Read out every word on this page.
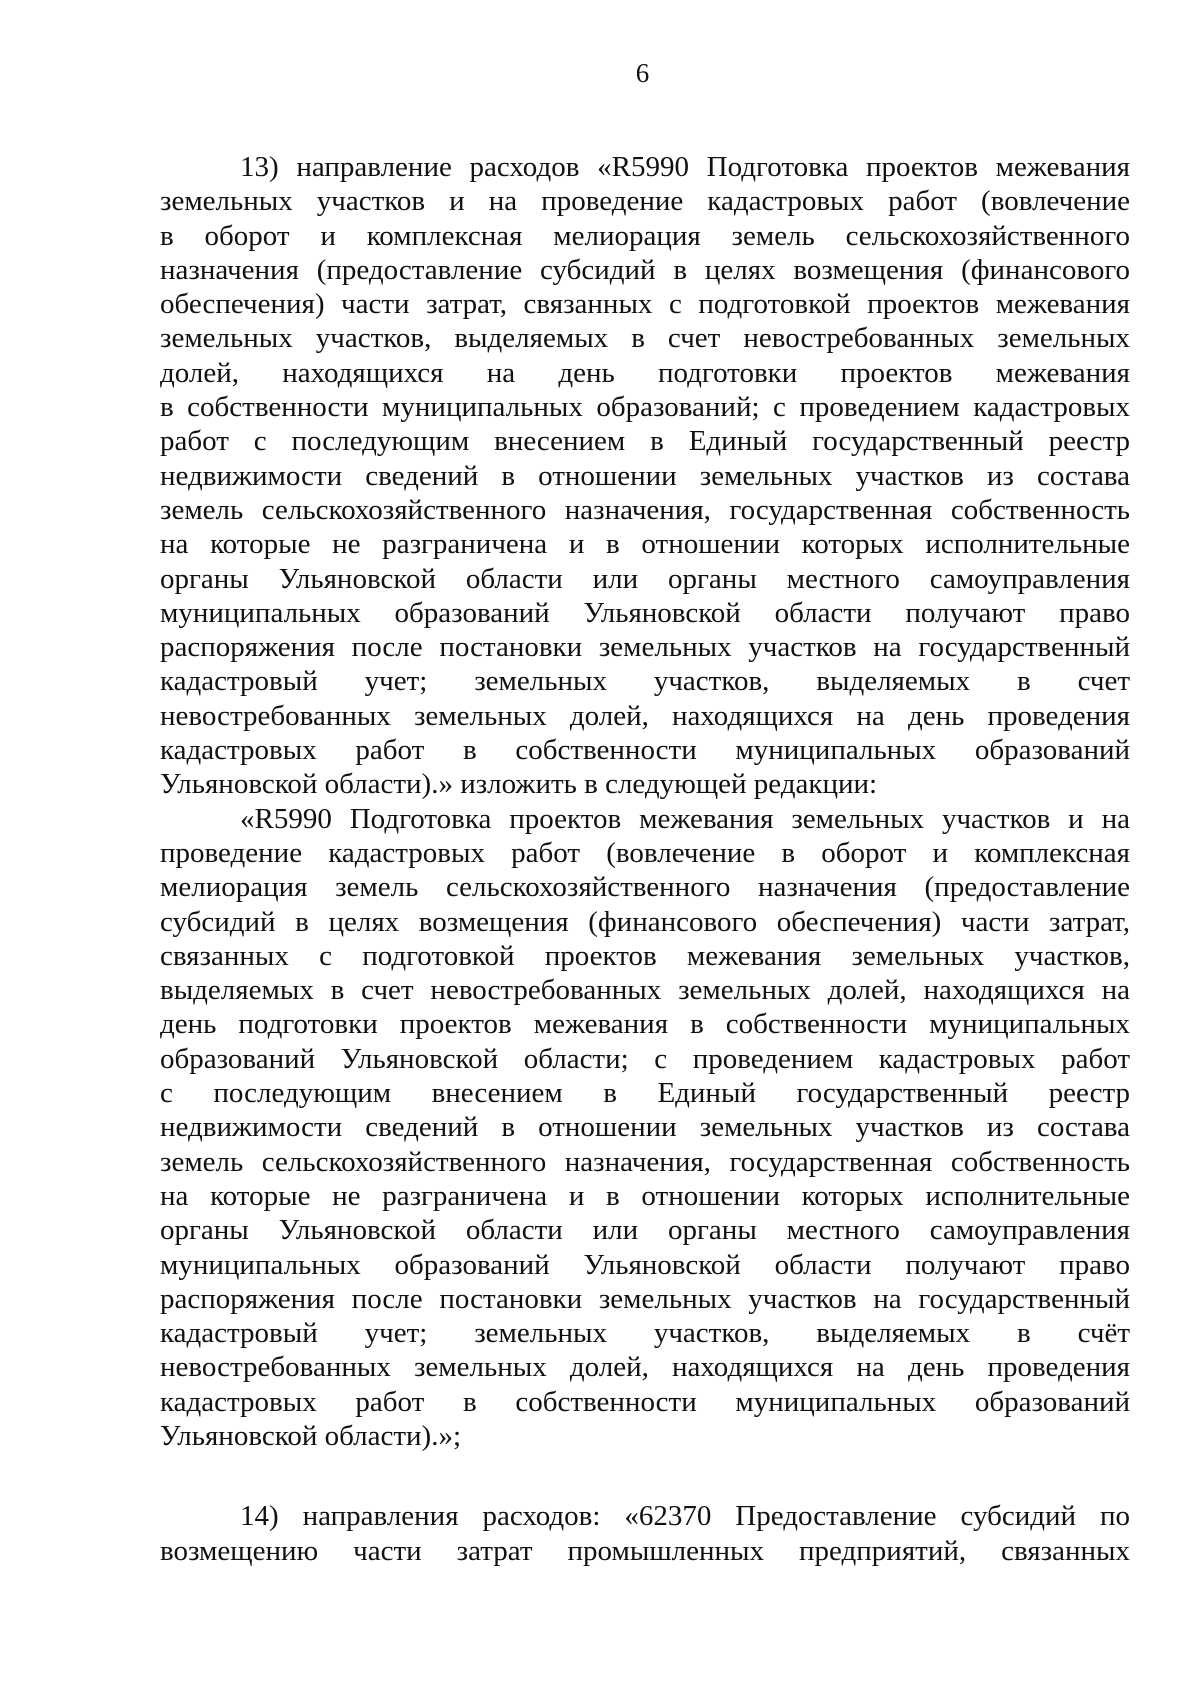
6
13) направление расходов «R5990 Подготовка проектов межевания
земельных участков и на проведение кадастровых работ (вовлечение
в оборот и комплексная мелиорация земель сельскохозяйственного
назначения (предоставление субсидий в целях возмещения (финансового
обеспечения) части затрат, связанных с подготовкой проектов межевания
земельных участков, выделяемых в счет невостребованных земельных
долей, находящихся на день подготовки проектов межевания
в собственности муниципальных образований; с проведением кадастровых
работ с последующим внесением в Единый государственный реестр
недвижимости сведений в отношении земельных участков из состава
земель сельскохозяйственного назначения, государственная собственность
на которые не разграничена и в отношении которых исполнительные
органы Ульяновской области или органы местного самоуправления
муниципальных образований Ульяновской области получают право
распоряжения после постановки земельных участков на государственный
кадастровый учет; земельных участков, выделяемых в счет
невостребованных земельных долей, находящихся на день проведения
кадастровых работ в собственности муниципальных образований
Ульяновской области).» изложить в следующей редакции:
«R5990 Подготовка проектов межевания земельных участков и на
проведение кадастровых работ (вовлечение в оборот и комплексная
мелиорация земель сельскохозяйственного назначения (предоставление
субсидий в целях возмещения (финансового обеспечения) части затрат,
связанных с подготовкой проектов межевания земельных участков,
выделяемых в счет невостребованных земельных долей, находящихся на
день подготовки проектов межевания в собственности муниципальных
образований Ульяновской области; с проведением кадастровых работ
с последующим внесением в Единый государственный реестр
недвижимости сведений в отношении земельных участков из состава
земель сельскохозяйственного назначения, государственная собственность
на которые не разграничена и в отношении которых исполнительные
органы Ульяновской области или органы местного самоуправления
муниципальных образований Ульяновской области получают право
распоряжения после постановки земельных участков на государственный
кадастровый учет; земельных участков, выделяемых в счёт
невостребованных земельных долей, находящихся на день проведения
кадастровых работ в собственности муниципальных образований
Ульяновской области).»;
14) направления расходов: «62370 Предоставление субсидий по
возмещению части затрат промышленных предприятий, связанных
